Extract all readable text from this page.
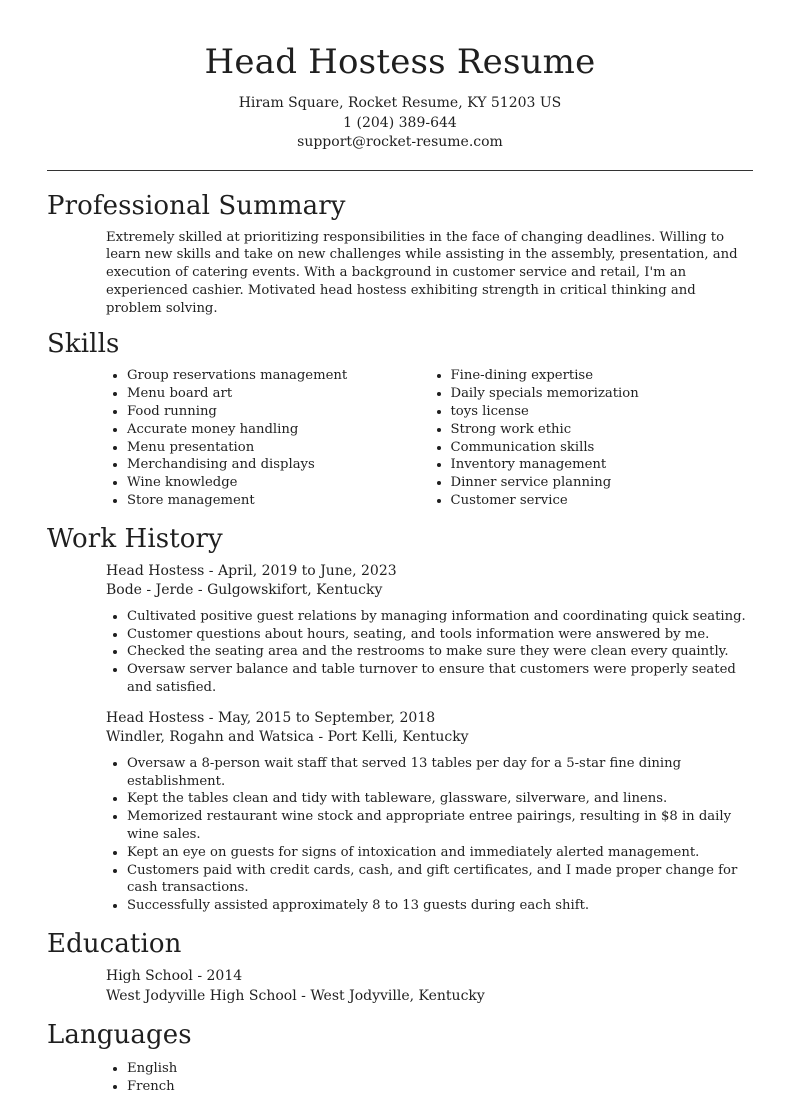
Head Hostess Resume
Hiram Square, Rocket Resume, KY 51203 US
1 (204) 389-644
support@rocket-resume.com
Professional Summary

Extremely skilled at prioritizing responsibilities in the face of changing deadlines. Willing to learn new skills and take on new challenges while assisting in the assembly, presentation, and execution of catering events. With a background in customer service and retail, I'm an experienced cashier. Motivated head hostess exhibiting strength in critical thinking and problem solving.

Skills
• Group reservations management
• Menu board art
• Food running
• Accurate money handling
• Menu presentation
• Merchandising and displays
• Wine knowledge
• Store management
• Fine-dining expertise
• Daily specials memorization
• toys license
• Strong work ethic
• Communication skills
• Inventory management
• Dinner service planning
• Customer service
Work History
Head Hostess - April, 2019 to June, 2023
Bode - Jerde - Gulgowskifort, Kentucky
• Cultivated positive guest relations by managing information and coordinating quick seating.
• Customer questions about hours, seating, and tools information were answered by me.
• Checked the seating area and the restrooms to make sure they were clean every quaintly.
• Oversaw server balance and table turnover to ensure that customers were properly seated and satisfied.
Head Hostess - May, 2015 to September, 2018
Windler, Rogahn and Watsica - Port Kelli, Kentucky
• Oversaw a 8-person wait staff that served 13 tables per day for a 5-star fine dining establishment.
• Kept the tables clean and tidy with tableware, glassware, silverware, and linens.
• Memorized restaurant wine stock and appropriate entree pairings, resulting in $8 in daily wine sales.
• Kept an eye on guests for signs of intoxication and immediately alerted management.
• Customers paid with credit cards, cash, and gift certificates, and I made proper change for cash transactions.
• Successfully assisted approximately 8 to 13 guests during each shift.
Education
High School - 2014
West Jodyville High School - West Jodyville, Kentucky
Languages
• English
• French
